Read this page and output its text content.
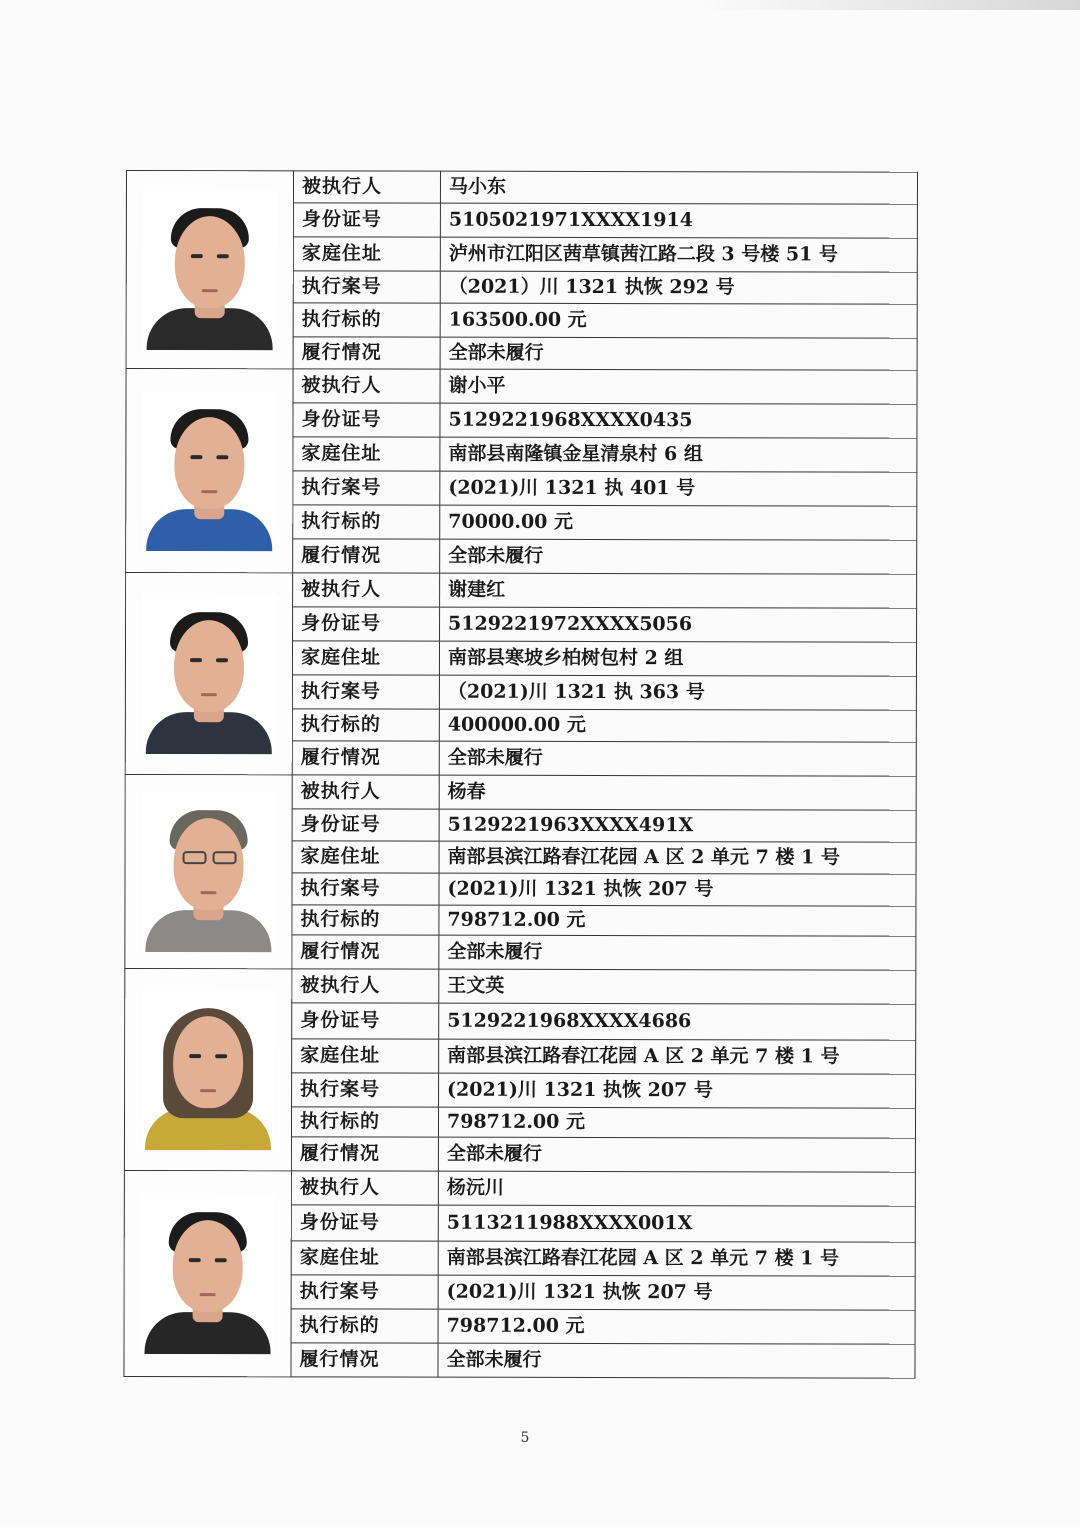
	被执行人	马小东
	身份证号	5105021971XXXX1914
	家庭住址	泸州市江阳区茜草镇茜江路二段 3 号楼 51 号
	执行案号	（2021）川 1321 执恢 292 号
	执行标的	163500.00 元
	履行情况	全部未履行

	被执行人	谢小平
	身份证号	5129221968XXXX0435
	家庭住址	南部县南隆镇金星清泉村 6 组
	执行案号	(2021)川 1321 执 401 号
	执行标的	70000.00 元
	履行情况	全部未履行

	被执行人	谢建红
	身份证号	5129221972XXXX5056
	家庭住址	南部县寒坡乡柏树包村 2 组
	执行案号	（2021)川 1321 执 363 号
	执行标的	400000.00 元
	履行情况	全部未履行

	被执行人	杨春
	身份证号	5129221963XXXX491X
	家庭住址	南部县滨江路春江花园 A 区 2 单元 7 楼 1 号
	执行案号	(2021)川 1321 执恢 207 号
	执行标的	798712.00 元
	履行情况	全部未履行

	被执行人	王文英
	身份证号	5129221968XXXX4686
	家庭住址	南部县滨江路春江花园 A 区 2 单元 7 楼 1 号
	执行案号	(2021)川 1321 执恢 207 号
	执行标的	798712.00 元
	履行情况	全部未履行

	被执行人	杨沅川
	身份证号	5113211988XXXX001X
	家庭住址	南部县滨江路春江花园 A 区 2 单元 7 楼 1 号
	执行案号	(2021)川 1321 执恢 207 号
	执行标的	798712.00 元
	履行情况	全部未履行
5
